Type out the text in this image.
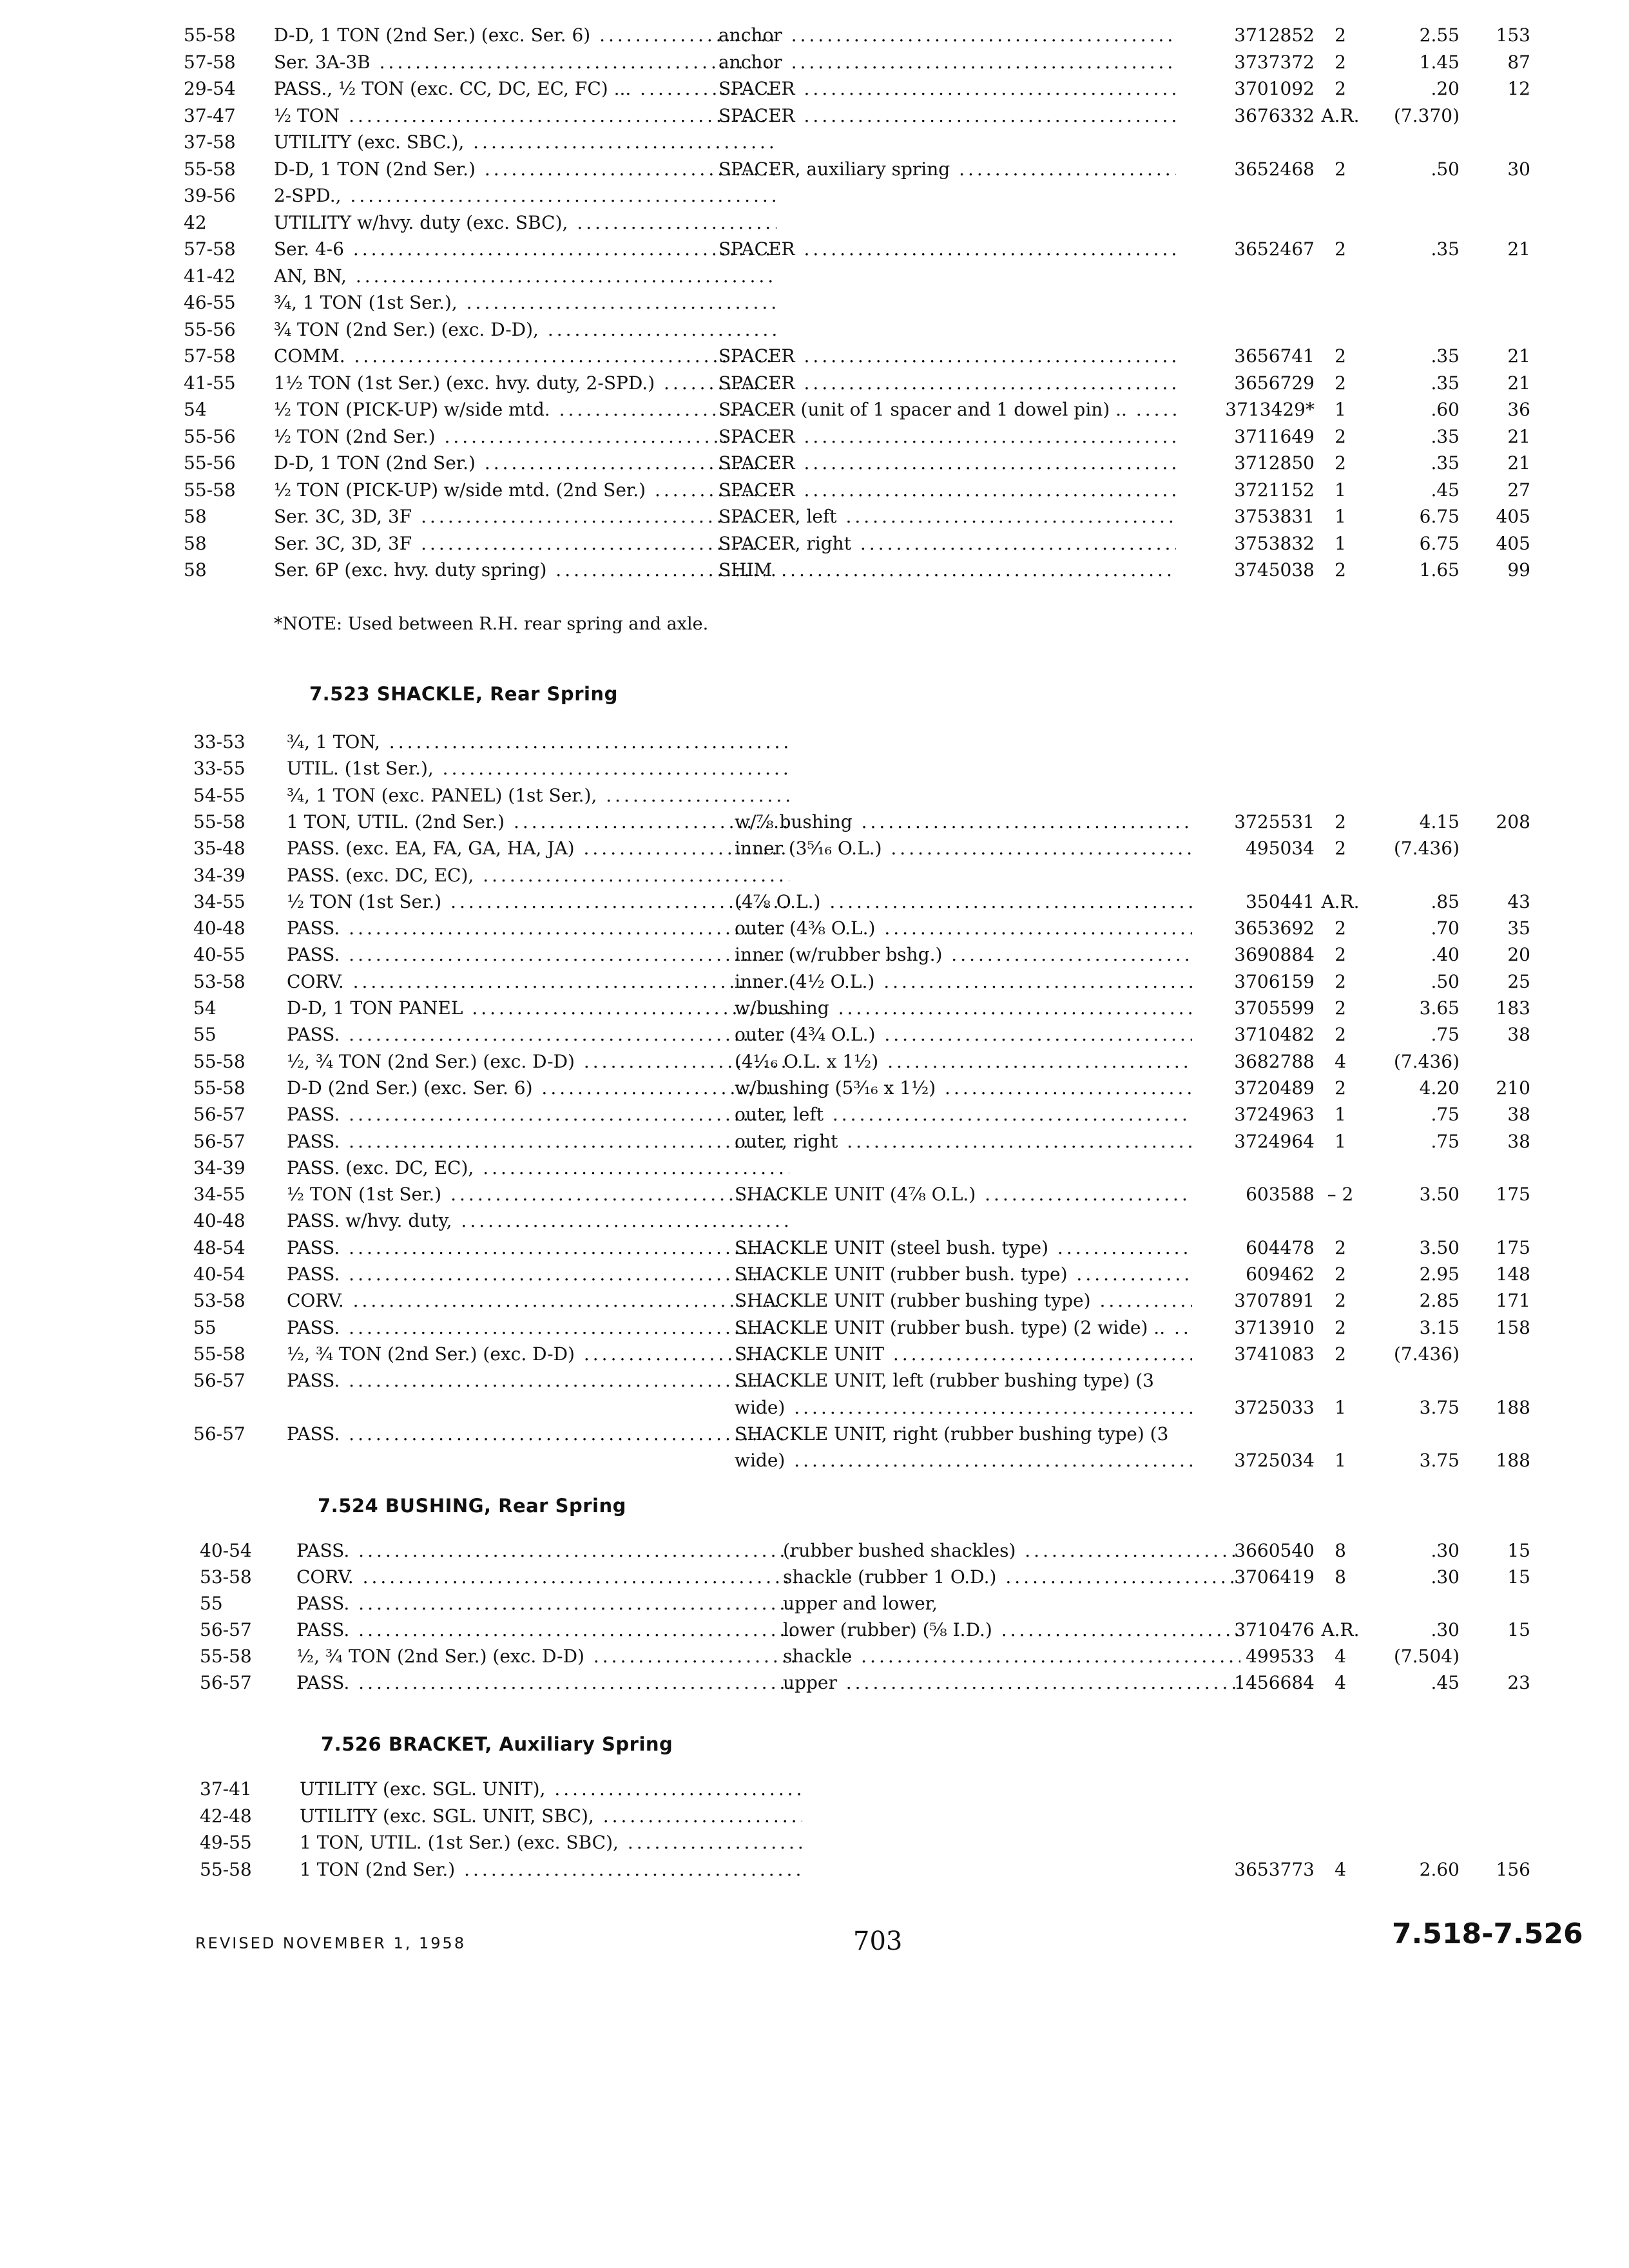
55-58	D-D, 1 TON (2nd Ser.) (exc. Ser. 6) .....	anchor .....	3712852	2	2.55	153
57-58	Ser. 3A-3B .....	anchor .....	3737372	2	1.45	87
29-54	PASS., ½ TON (exc. CC, DC, EC, FC) ... .....	SPACER .....	3701092	2	.20	12
37-47	½ TON .....	SPACER .....	3676332 A.R.	(7.370)
37-58	UTILITY (exc. SBC.), .....
55-58	D-D, 1 TON (2nd Ser.) .....	SPACER, auxiliary spring .....	3652468	2	.50	30
39-56	2-SPD., .....
42	UTILITY w/hvy. duty (exc. SBC), .....
57-58	Ser. 4-6 .....	SPACER .....	3652467	2	.35	21
41-42	AN, BN, .....
46-55	¾, 1 TON (1st Ser.), .....
55-56	¾ TON (2nd Ser.) (exc. D-D), .....
57-58	COMM. .....	SPACER .....	3656741	2	.35	21
41-55	1½ TON (1st Ser.) (exc. hvy. duty, 2-SPD.) .....	SPACER .....	3656729	2	.35	21
54	½ TON (PICK-UP) w/side mtd. .....	SPACER (unit of 1 spacer and 1 dowel pin) .. .....	3713429*	1	.60	36
55-56	½ TON (2nd Ser.) .....	SPACER .....	3711649	2	.35	21
55-56	D-D, 1 TON (2nd Ser.) .....	SPACER .....	3712850	2	.35	21
55-58	½ TON (PICK-UP) w/side mtd. (2nd Ser.) .....	SPACER .....	3721152	1	.45	27
58	Ser. 3C, 3D, 3F .....	SPACER, left .....	3753831	1	6.75	405
58	Ser. 3C, 3D, 3F .....	SPACER, right .....	3753832	1	6.75	405
58	Ser. 6P (exc. hvy. duty spring) .....	SHIM .....	3745038	2	1.65	99
*NOTE: Used between R.H. rear spring and axle.
7.523 SHACKLE, Rear Spring
33-53	¾, 1 TON, .....
33-55	UTIL. (1st Ser.), .....
54-55	¾, 1 TON (exc. PANEL) (1st Ser.), .....
55-58	1 TON, UTIL. (2nd Ser.) .....	w/⅞ bushing .....	3725531	2	4.15	208
35-48	PASS. (exc. EA, FA, GA, HA, JA) .....	inner (3⁵⁄₁₆ O.L.) .....	495034	2	(7.436)
34-39	PASS. (exc. DC, EC), .....
34-55	½ TON (1st Ser.) .....	(4⅞ O.L.) .....	350441 A.R.	.85	43
40-48	PASS. .....	outer (4⅜ O.L.) .....	3653692	2	.70	35
40-55	PASS. .....	inner (w/rubber bshg.) .....	3690884	2	.40	20
53-58	CORV. .....	inner (4½ O.L.) .....	3706159	2	.50	25
54	D-D, 1 TON PANEL .....	w/bushing .....	3705599	2	3.65	183
55	PASS. .....	outer (4¾ O.L.) .....	3710482	2	.75	38
55-58	½, ¾ TON (2nd Ser.) (exc. D-D) .....	(4¹⁄₁₆ O.L. x 1½) .....	3682788	4	(7.436)
55-58	D-D (2nd Ser.) (exc. Ser. 6) .....	w/bushing (5³⁄₁₆ x 1½) .....	3720489	2	4.20	210
56-57	PASS. .....	outer, left .....	3724963	1	.75	38
56-57	PASS. .....	outer, right .....	3724964	1	.75	38
34-39	PASS. (exc. DC, EC), .....
34-55	½ TON (1st Ser.) .....	SHACKLE UNIT (4⅞ O.L.) .....	603588 – 2	3.50	175
40-48	PASS. w/hvy. duty, .....
48-54	PASS. .....	SHACKLE UNIT (steel bush. type) .....	604478	2	3.50	175
40-54	PASS. .....	SHACKLE UNIT (rubber bush. type) .....	609462	2	2.95	148
53-58	CORV. .....	SHACKLE UNIT (rubber bushing type) .....	3707891	2	2.85	171
55	PASS. .....	SHACKLE UNIT (rubber bush. type) (2 wide) .. .....	3713910	2	3.15	158
55-58	½, ¾ TON (2nd Ser.) (exc. D-D) .....	SHACKLE UNIT .....	3741083	2	(7.436)
56-57	PASS. .....	SHACKLE UNIT, left (rubber bushing type) (3
wide) .....	3725033	1	3.75	188
56-57	PASS. .....	SHACKLE UNIT, right (rubber bushing type) (3
wide) .....	3725034	1	3.75	188
7.524 BUSHING, Rear Spring
40-54	PASS. .....	(rubber bushed shackles) .....	3660540	8	.30	15
53-58	CORV. .....	shackle (rubber 1 O.D.) .....	3706419	8	.30	15
55	PASS. .....	upper and lower,
56-57	PASS. .....	lower (rubber) (⅝ I.D.) .....	3710476 A.R.	.30	15
55-58	½, ¾ TON (2nd Ser.) (exc. D-D) .....	shackle .....	499533	4	(7.504)
56-57	PASS. .....	upper .....	1456684	4	.45	23
7.526 BRACKET, Auxiliary Spring
37-41	UTILITY (exc. SGL. UNIT), .....
42-48	UTILITY (exc. SGL. UNIT, SBC), .....
49-55	1 TON, UTIL. (1st Ser.) (exc. SBC), .....
55-58	1 TON (2nd Ser.) .....	3653773	4	2.60	156
REVISED NOVEMBER 1, 1958	703	7.518-7.526
